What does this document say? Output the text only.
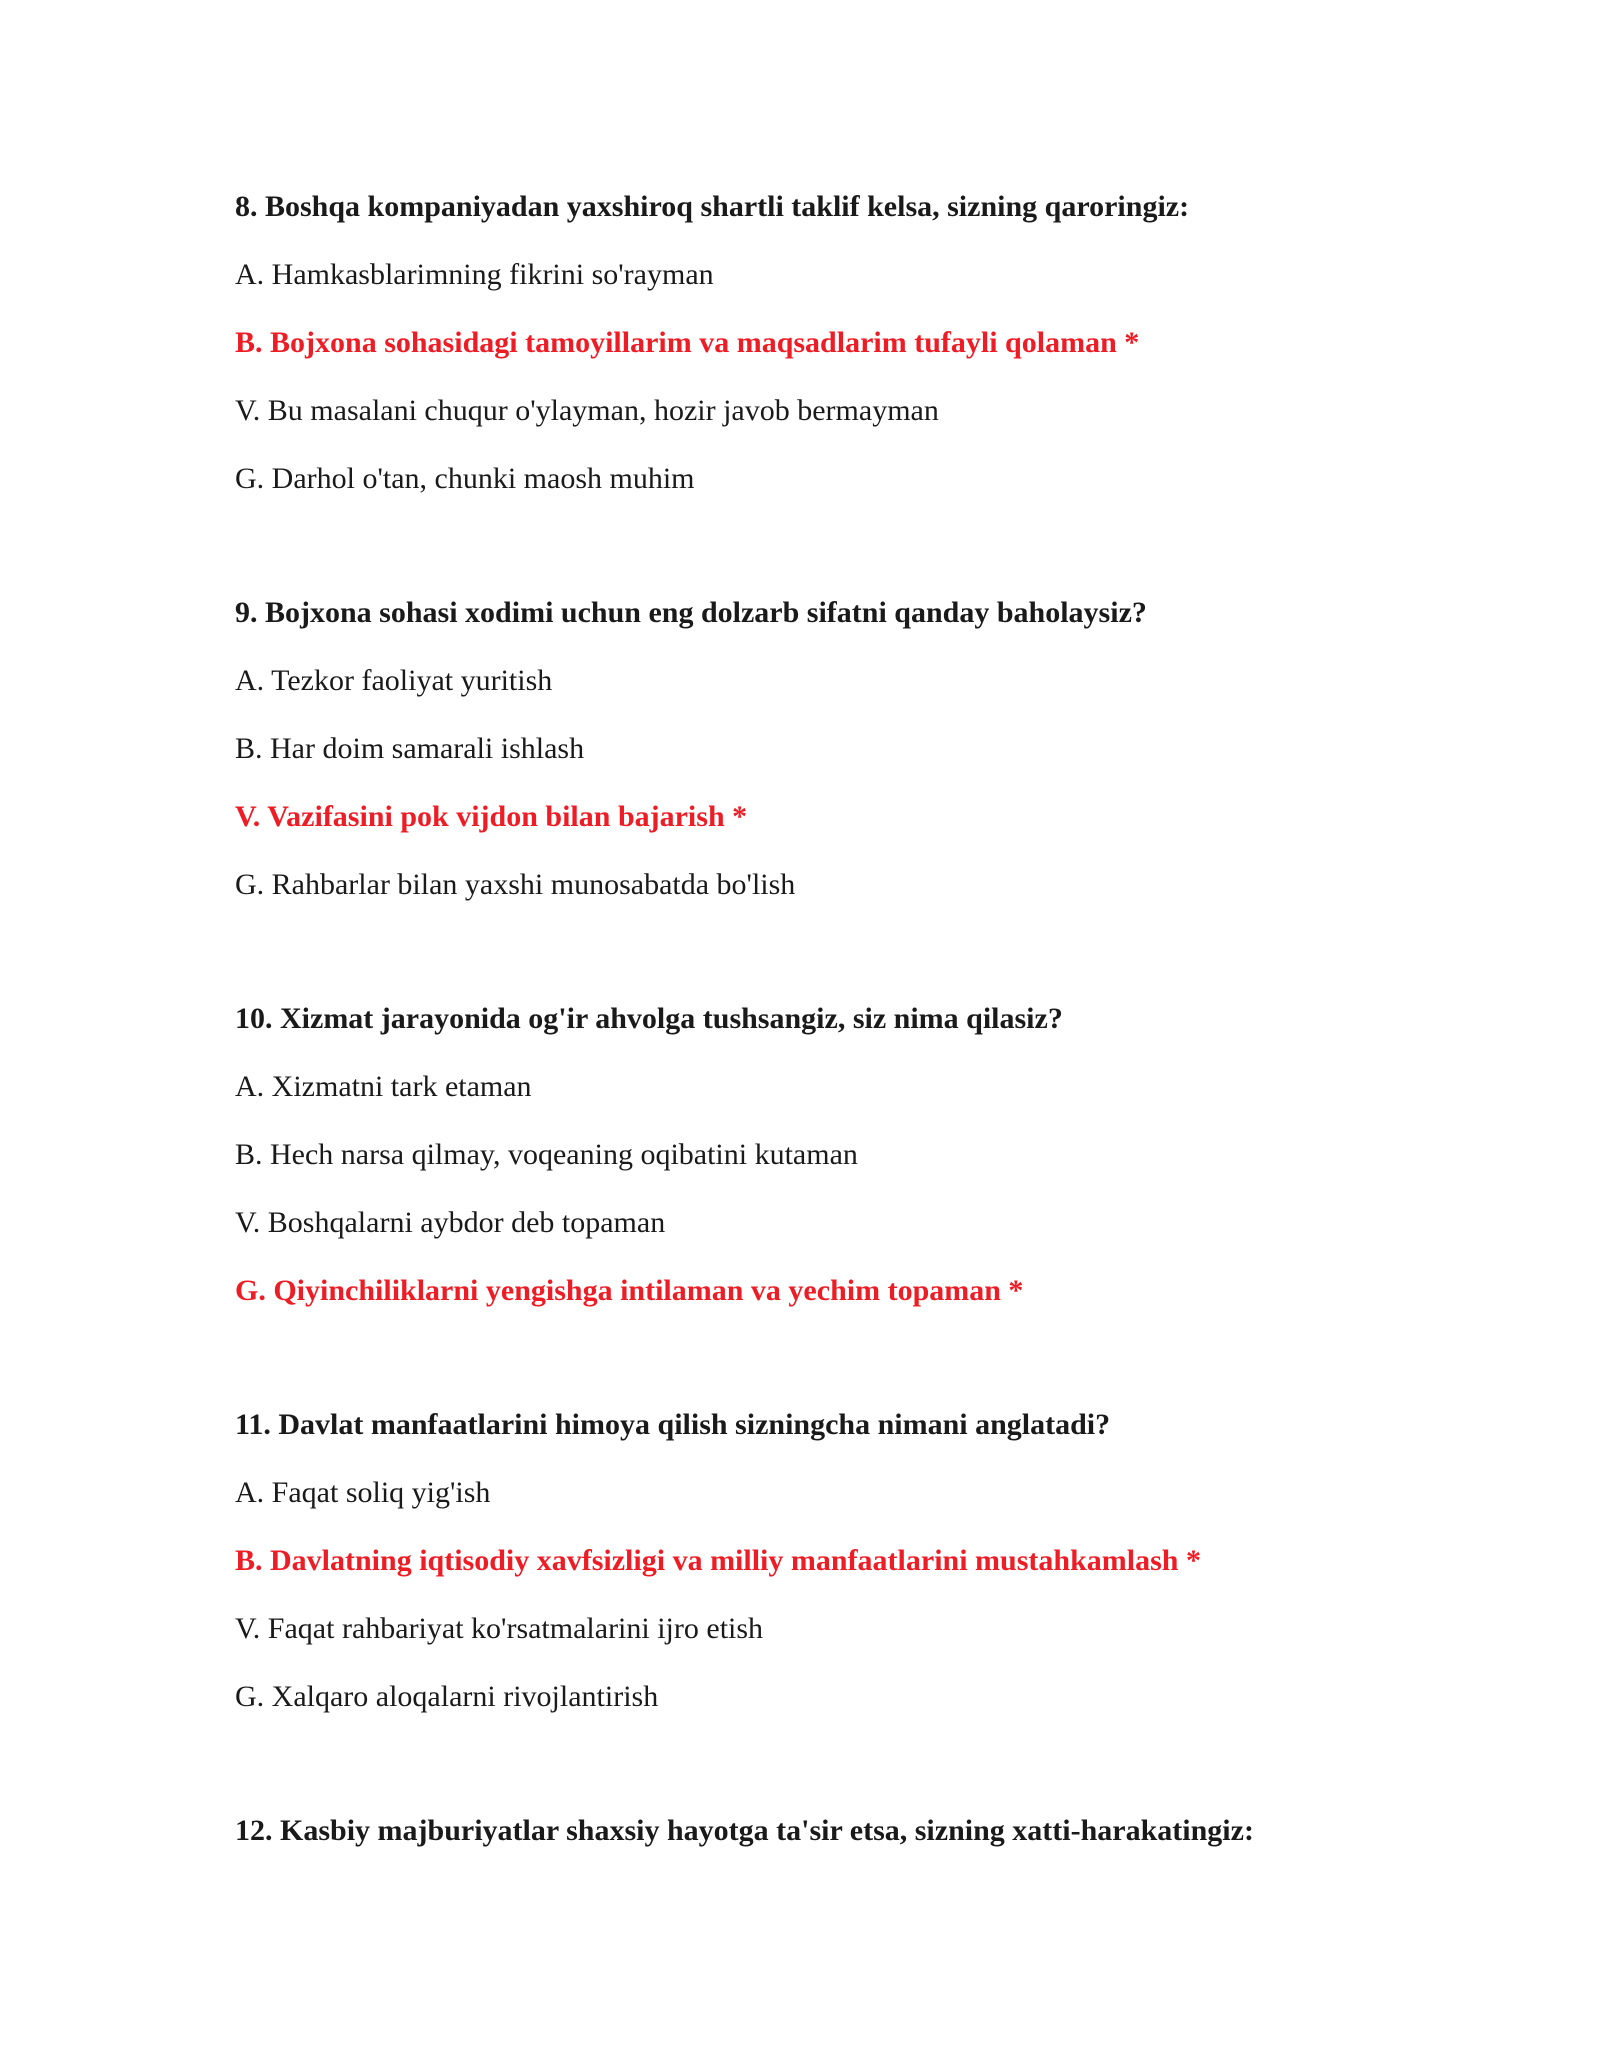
8. Boshqa kompaniyadan yaxshiroq shartli taklif kelsa, sizning qaroringiz:

A. Hamkasblarimning fikrini so'rayman

B. Bojxona sohasidagi tamoyillarim va maqsadlarim tufayli qolaman *

V. Bu masalani chuqur o'ylayman, hozir javob bermayman

G. Darhol o'tan, chunki maosh muhim

9. Bojxona sohasi xodimi uchun eng dolzarb sifatni qanday baholaysiz?

A. Tezkor faoliyat yuritish

B. Har doim samarali ishlash

V. Vazifasini pok vijdon bilan bajarish *

G. Rahbarlar bilan yaxshi munosabatda bo'lish

10. Xizmat jarayonida og'ir ahvolga tushsangiz, siz nima qilasiz?

A. Xizmatni tark etaman

B. Hech narsa qilmay, voqeaning oqibatini kutaman

V. Boshqalarni aybdor deb topaman

G. Qiyinchiliklarni yengishga intilaman va yechim topaman *

11. Davlat manfaatlarini himoya qilish sizningcha nimani anglatadi?

A. Faqat soliq yig'ish

B. Davlatning iqtisodiy xavfsizligi va milliy manfaatlarini mustahkamlash *

V. Faqat rahbariyat ko'rsatmalarini ijro etish

G. Xalqaro aloqalarni rivojlantirish

12. Kasbiy majburiyatlar shaxsiy hayotga ta'sir etsa, sizning xatti-harakatingiz:
